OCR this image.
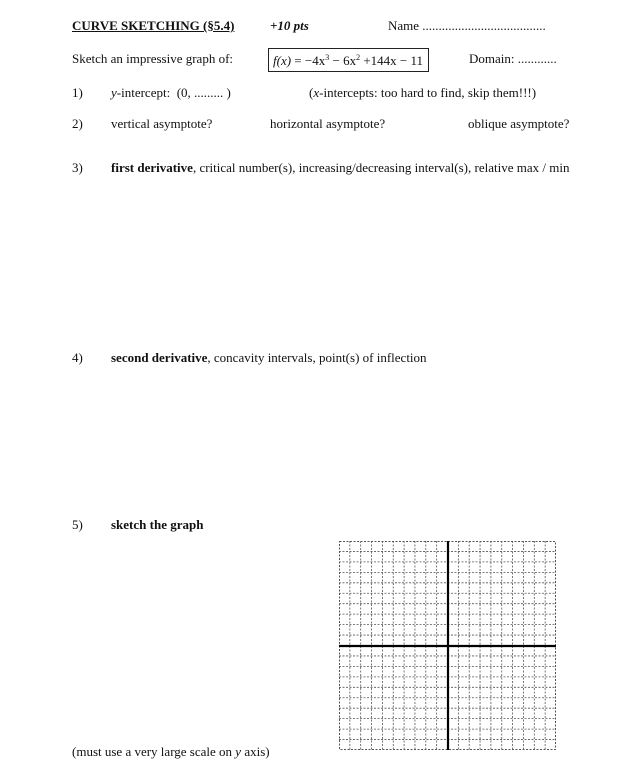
CURVE SKETCHING (§5.4)	+10 pts	Name ......................................
Sketch an impressive graph of:	$f(x) = -4x^3 - 6x^2 +144x - 11$	Domain: ............
1)	y-intercept: (0, ......... )	(x-intercepts: too hard to find, skip them!!!)
2)	vertical asymptote?	horizontal asymptote?	oblique asymptote?
3)	first derivative, critical number(s), increasing/decreasing interval(s), relative max / min
4)	second derivative, concavity intervals, point(s) of inflection
5)	sketch the graph
(must use a very large scale on y axis)
